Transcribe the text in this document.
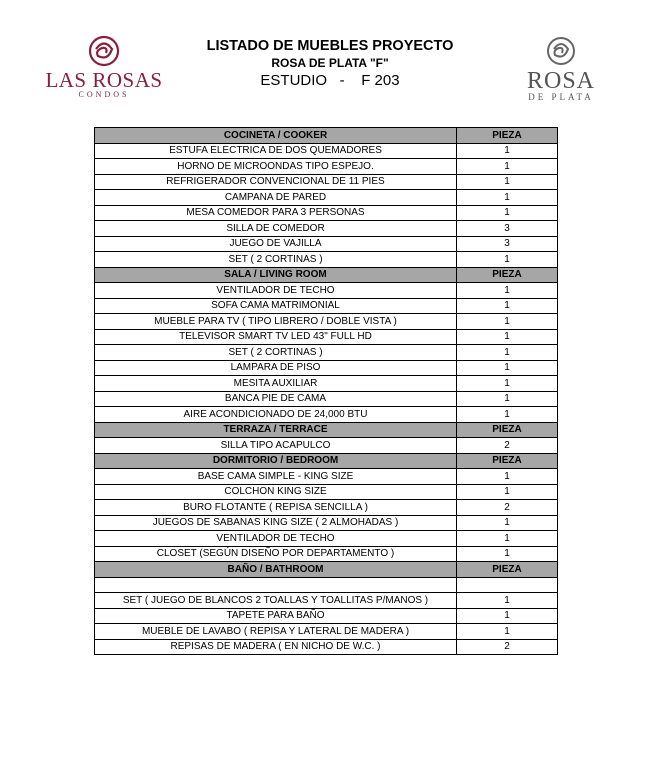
LAS ROSAS
CONDOS
LISTADO DE MUEBLES PROYECTO
ROSA DE PLATA "F"
ESTUDIO   -    F 203	ROSA
DE PLATA
COCINETA / COOKER	PIEZA
ESTUFA ELECTRICA DE DOS QUEMADORES	1
HORNO DE MICROONDAS TIPO ESPEJO.	1
REFRIGERADOR CONVENCIONAL DE 11 PIES	1
CAMPANA DE PARED	1
MESA COMEDOR PARA 3 PERSONAS	1
SILLA DE COMEDOR	3
JUEGO DE VAJILLA	3
SET ( 2 CORTINAS )	1
SALA / LIVING ROOM	PIEZA
VENTILADOR DE TECHO	1
SOFA CAMA MATRIMONIAL	1
MUEBLE PARA TV ( TIPO LIBRERO / DOBLE VISTA )	1
TELEVISOR SMART TV LED 43" FULL HD	1
SET ( 2 CORTINAS )	1
LAMPARA DE PISO	1
MESITA AUXILIAR	1
BANCA PIE DE CAMA	1
AIRE ACONDICIONADO DE 24,000 BTU	1
TERRAZA / TERRACE	PIEZA
SILLA TIPO ACAPULCO	2
DORMITORIO / BEDROOM	PIEZA
BASE CAMA SIMPLE - KING SIZE	1
COLCHON KING SIZE	1
BURO FLOTANTE ( REPISA SENCILLA )	2
JUEGOS DE SABANAS KING SIZE ( 2 ALMOHADAS )	1
VENTILADOR DE TECHO	1
CLOSET (SEGÚN DISEÑO POR DEPARTAMENTO )	1
BAÑO / BATHROOM	PIEZA

SET ( JUEGO DE BLANCOS 2 TOALLAS Y TOALLITAS P/MANOS )	1
TAPETE PARA BAÑO	1
MUEBLE DE LAVABO ( REPISA Y LATERAL DE MADERA )	1
REPISAS DE MADERA ( EN NICHO DE W.C. )	2
